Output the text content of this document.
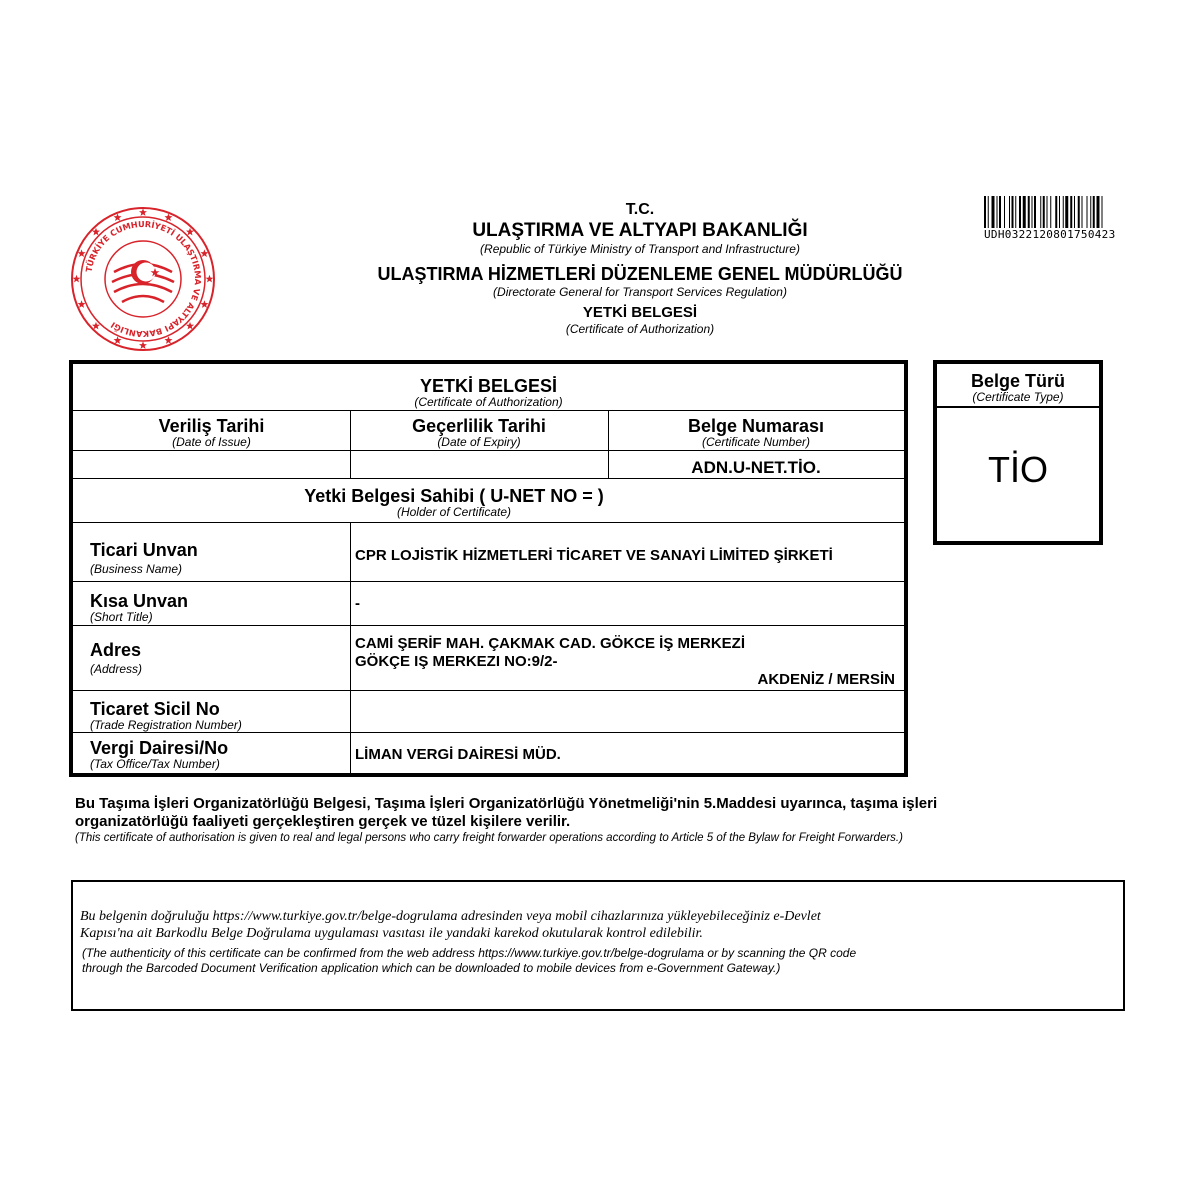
TÜRKİYE CUMHURİYETİ ULAŞTIRMA VE ALTYAPI BAKANLIĞI
T.C.
ULAŞTIRMA VE ALTYAPI BAKANLIĞI
(Republic of Türkiye Ministry of Transport and Infrastructure)
ULAŞTIRMA HİZMETLERİ DÜZENLEME GENEL MÜDÜRLÜĞÜ
(Directorate General for Transport Services Regulation)
YETKİ BELGESİ
(Certificate of Authorization)
UDH0322120801750423
YETKİ BELGESİ
(Certificate of Authorization)
Veriliş Tarihi
(Date of Issue)
Geçerlilik Tarihi
(Date of Expiry)
Belge Numarası
(Certificate Number)
ADN.U-NET.TİO.
Yetki Belgesi Sahibi ( U-NET NO = )
(Holder of Certificate)
Ticari Unvan
(Business Name)
CPR LOJİSTİK HİZMETLERİ TİCARET VE SANAYİ LİMİTED ŞİRKETİ
Kısa Unvan
(Short Title)
-
Adres
(Address)
CAMİ ŞERİF MAH. ÇAKMAK CAD. GÖKCE İŞ MERKEZİ
GÖKÇE IŞ MERKEZI NO:9/2-
AKDENİZ / MERSİN
Ticaret Sicil No
(Trade Registration Number)
Vergi Dairesi/No
(Tax Office/Tax Number)
LİMAN VERGİ DAİRESİ MÜD.
Belge Türü
(Certificate Type)
TİO
Bu Taşıma İşleri Organizatörlüğü Belgesi, Taşıma İşleri Organizatörlüğü Yönetmeliği'nin 5.Maddesi uyarınca, taşıma işleri
organizatörlüğü faaliyeti gerçekleştiren gerçek ve tüzel kişilere verilir.
(This certificate of authorisation is given to real and legal persons who carry freight forwarder operations according to Article 5 of the Bylaw for Freight Forwarders.)
Bu belgenin doğruluğu https://www.turkiye.gov.tr/belge-dogrulama adresinden veya mobil cihazlarınıza yükleyebileceğiniz e-Devlet
Kapısı'na ait Barkodlu Belge Doğrulama uygulaması vasıtası ile yandaki karekod okutularak kontrol edilebilir.
(The authenticity of this certificate can be confirmed from the web address https://www.turkiye.gov.tr/belge-dogrulama or by scanning the QR code
through the Barcoded Document Verification application which can be downloaded to mobile devices from e-Government Gateway.)
